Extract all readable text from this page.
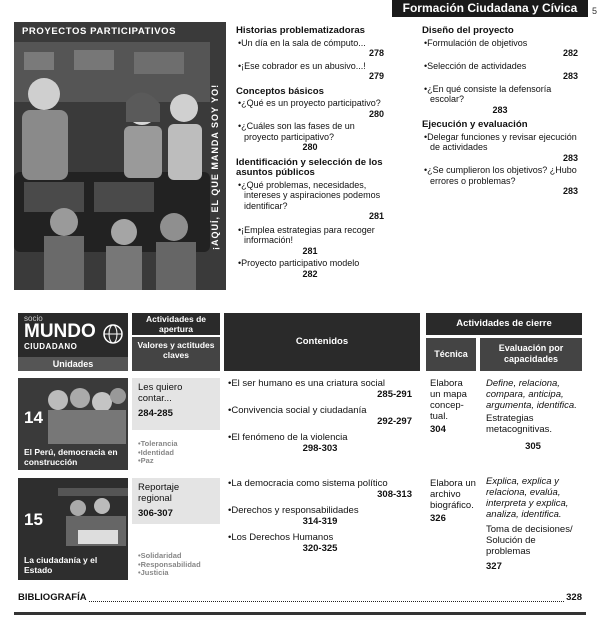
Formación Ciudadana y Cívica	5
PROYECTOS PARTICIPATIVOS
¡AQUÍ, EL QUE MANDA SOY YO!
Historias problematizadoras
• Un día en la sala de cómputo...
278
• ¡Ese cobrador es un abusivo...!
279
Conceptos básicos
• ¿Qué es un proyecto participativo?
280
• ¿Cuáles son las fases de un proyecto participativo?
280
Identificación y selección de los asuntos públicos
• ¿Qué problemas, necesidades, intereses y aspiraciones podemos identificar?
281
• ¡Emplea estrategias para recoger información!
281
• Proyecto participativo modelo
282
Diseño del proyecto
• Formulación de objetivos
282
• Selección de actividades
283
• ¿En qué consiste la defensoría escolar?
283
Ejecución y evaluación
• Delegar funciones y revisar ejecución de actividades
283
• ¿Se cumplieron los objetivos? ¿Hubo errores o problemas?
283
socio
MUNDO
CIUDADANO
Unidades
Actividades de apertura
Valores y actitudes claves
Contenidos
Actividades de cierre
Técnica
Evaluación por capacidades
14
El Perú, democracia en construcción
Les quiero contar...
284-285
• Tolerancia
• Identidad
• Paz
• El ser humano es una criatura social
285-291
• Convivencia social y ciudadanía
292-297
• El fenómeno de la violencia
298-303
Elabora un mapa concep-tual.
304
Define, relaciona, compara, anticipa, argumenta, identifica.
Estrategias metacognitivas.
305
15
La ciudadanía y el Estado
Reportaje regional
306-307
• Solidaridad
• Responsabilidad
• Justicia
• La democracia como sistema político
308-313
• Derechos y responsabilidades
314-319
• Los Derechos Humanos
320-325
Elabora un archivo biográfico.
326
Explica, explica y relaciona, evalúa, interpreta y explica, analiza, identifica.
Toma de decisiones/ Solución de problemas
327
BIBLIOGRAFÍA	328
